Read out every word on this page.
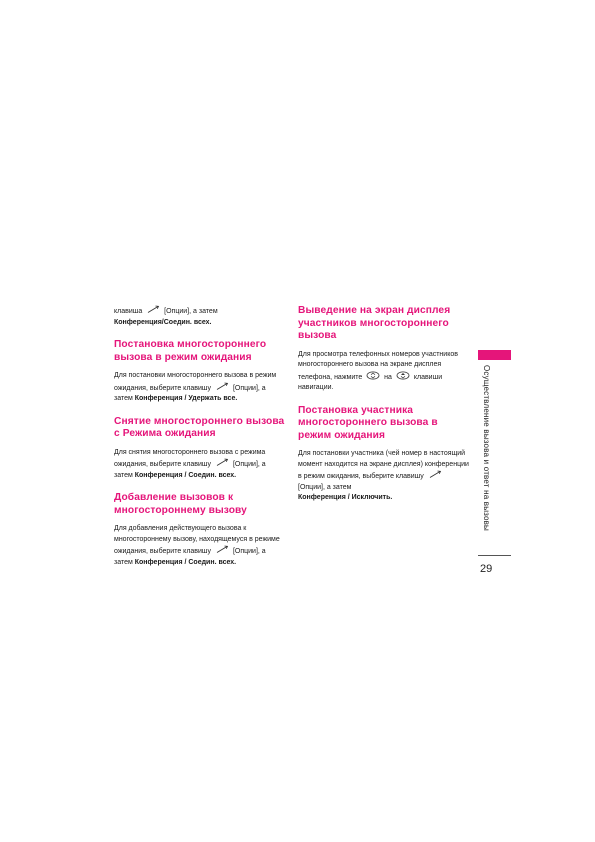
клавиша	[Опции], а затем
Конференция/Соедин. всех.

Постановка многостороннего вызова в режим ожидания

Для постановки многостороннего вызова в режим ожидания, выберите клавишу	[Опции], а затем Конференция / Удержать все.

Снятие многостороннего вызова с Режима ожидания

Для снятия многостороннего вызова с режима ожидания, выберите клавишу	[Опции], а затем Конференция / Соедин. всех.

Добавление вызовов к многостороннему вызову

Для добавления действующего вызова к многостороннему вызову, находящемуся в режиме ожидания, выберите клавишу	[Опции], а затем Конференция / Соедин. всех.

Выведение на экран дисплея участников многостороннего вызова

Для просмотра телефонных номеров участников многостороннего вызова на экране дисплея телефона, нажмите	на	клавиши навигации.

Постановка участника многостороннего вызова в режим ожидания

Для постановки участника (чей номер в настоящий момент находится на экране дисплея) конференции в режим ожидания, выберите клавишу
[Опции], а затем
Конференция / Исключить.	Осуществление вызова и ответ на вызовы
29
